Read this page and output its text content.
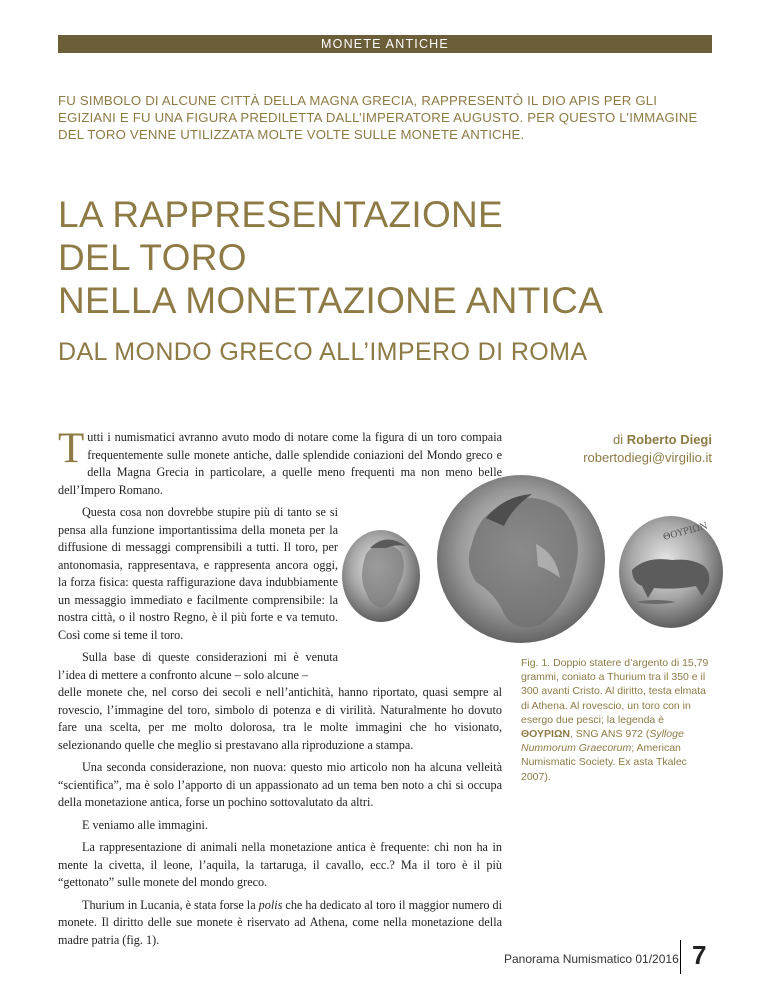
MONETE ANTICHE
FU SIMBOLO DI ALCUNE CITTÀ DELLA MAGNA GRECIA, RAPPRESENTÒ IL DIO APIS PER GLI EGIZIANI E FU UNA FIGURA PREDILETTA DALL’IMPERATORE AUGUSTO. PER QUESTO L’IMMAGINE DEL TORO VENNE UTILIZZATA MOLTE VOLTE SULLE MONETE ANTICHE.
LA RAPPRESENTAZIONE
DEL TORO
NELLA MONETAZIONE ANTICA
DAL MONDO GRECO ALL’IMPERO DI ROMA
di Roberto Diegi
robertodiegi@virgilio.it

Tutti i numismatici avranno avuto modo di notare come la figura di un toro compaia frequentemente sulle monete antiche, dalle splendide coniazioni del Mondo greco e della Magna Grecia in particolare, a quelle meno frequenti ma non meno belle dell’Impero Romano.

Questa cosa non dovrebbe stupire più di tanto se si pensa alla funzione importantissima della moneta per la diffusione di messaggi comprensibili a tutti. Il toro, per antonomasia, rappresentava, e rappresenta ancora oggi, la forza fisica: questa raffigurazione dava indubbiamente un messaggio immediato e facilmente comprensibile: la nostra città, o il nostro Regno, è il più forte e va temuto. Così come si teme il toro.

Sulla base di queste considerazioni mi è venuta l’idea di mettere a confronto alcune – solo alcune –

delle monete che, nel corso dei secoli e nell’antichità, hanno riportato, quasi sempre al rovescio, l’immagine del toro, simbolo di potenza e di virilità. Naturalmente ho dovuto fare una scelta, per me molto dolorosa, tra le molte immagini che ho visionato, selezionando quelle che meglio si prestavano alla riproduzione a stampa.

Una seconda considerazione, non nuova: questo mio articolo non ha alcuna velleità “scientifica”, ma è solo l’apporto di un appassionato ad un tema ben noto a chi si occupa della monetazione antica, forse un pochino sottovalutato da altri.

E veniamo alle immagini.

La rappresentazione di animali nella monetazione antica è frequente: chi non ha in mente la civetta, il leone, l’aquila, la tartaruga, il cavallo, ecc.? Ma il toro è il più “gettonato” sulle monete del mondo greco.

Thurium in Lucania, è stata forse la polis che ha dedicato al toro il maggior numero di monete. Il diritto delle sue monete è riservato ad Athena, come nella monetazione della madre patria (fig. 1).

ΘΟΥΡΙΩΝ
Fig. 1. Doppio statere d’argento di 15,79 grammi, coniato a Thurium tra il 350 e il 300 avanti Cristo. Al diritto, testa elmata di Athena. Al rovescio, un toro con in esergo due pesci; la legenda è ΘΟΥΡΙΩΝ, SNG ANS 972 (Sylloge Nummorum Graecorum; American Numismatic Society. Ex asta Tkalec 2007).
Panorama Numismatico 01/2016 7
